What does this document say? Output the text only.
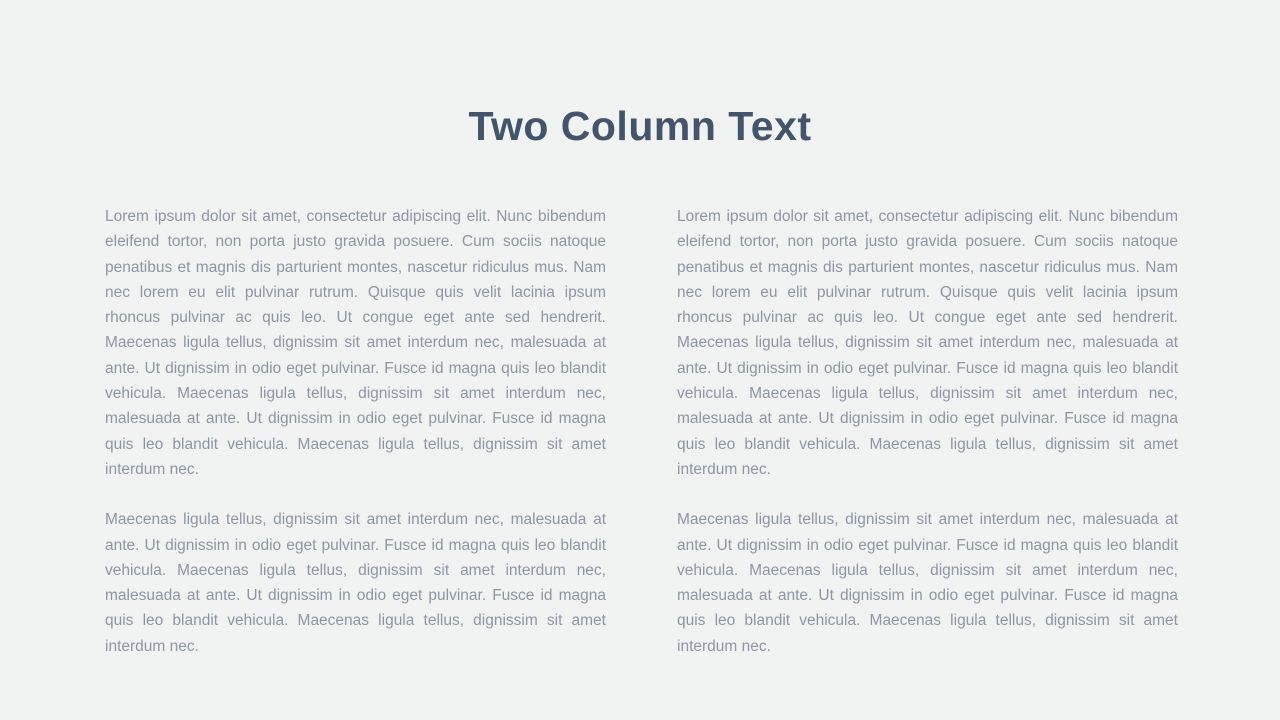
Two Column Text

Lorem ipsum dolor sit amet, consectetur adipiscing elit. Nunc bibendum eleifend tortor, non porta justo gravida posuere. Cum sociis natoque penatibus et magnis dis parturient montes, nascetur ridiculus mus. Nam nec lorem eu elit pulvinar rutrum. Quisque quis velit lacinia ipsum rhoncus pulvinar ac quis leo. Ut congue eget ante sed hendrerit. Maecenas ligula tellus, dignissim sit amet interdum nec, malesuada at ante. Ut dignissim in odio eget pulvinar. Fusce id magna quis leo blandit vehicula. Maecenas ligula tellus, dignissim sit amet interdum nec, malesuada at ante. Ut dignissim in odio eget pulvinar. Fusce id magna quis leo blandit vehicula. Maecenas ligula tellus, dignissim sit amet interdum nec.

Maecenas ligula tellus, dignissim sit amet interdum nec, malesuada at ante. Ut dignissim in odio eget pulvinar. Fusce id magna quis leo blandit vehicula. Maecenas ligula tellus, dignissim sit amet interdum nec, malesuada at ante. Ut dignissim in odio eget pulvinar. Fusce id magna quis leo blandit vehicula. Maecenas ligula tellus, dignissim sit amet interdum nec.

Lorem ipsum dolor sit amet, consectetur adipiscing elit. Nunc bibendum eleifend tortor, non porta justo gravida posuere. Cum sociis natoque penatibus et magnis dis parturient montes, nascetur ridiculus mus. Nam nec lorem eu elit pulvinar rutrum. Quisque quis velit lacinia ipsum rhoncus pulvinar ac quis leo. Ut congue eget ante sed hendrerit. Maecenas ligula tellus, dignissim sit amet interdum nec, malesuada at ante. Ut dignissim in odio eget pulvinar. Fusce id magna quis leo blandit vehicula. Maecenas ligula tellus, dignissim sit amet interdum nec, malesuada at ante. Ut dignissim in odio eget pulvinar. Fusce id magna quis leo blandit vehicula. Maecenas ligula tellus, dignissim sit amet interdum nec.

Maecenas ligula tellus, dignissim sit amet interdum nec, malesuada at ante. Ut dignissim in odio eget pulvinar. Fusce id magna quis leo blandit vehicula. Maecenas ligula tellus, dignissim sit amet interdum nec, malesuada at ante. Ut dignissim in odio eget pulvinar. Fusce id magna quis leo blandit vehicula. Maecenas ligula tellus, dignissim sit amet interdum nec.
